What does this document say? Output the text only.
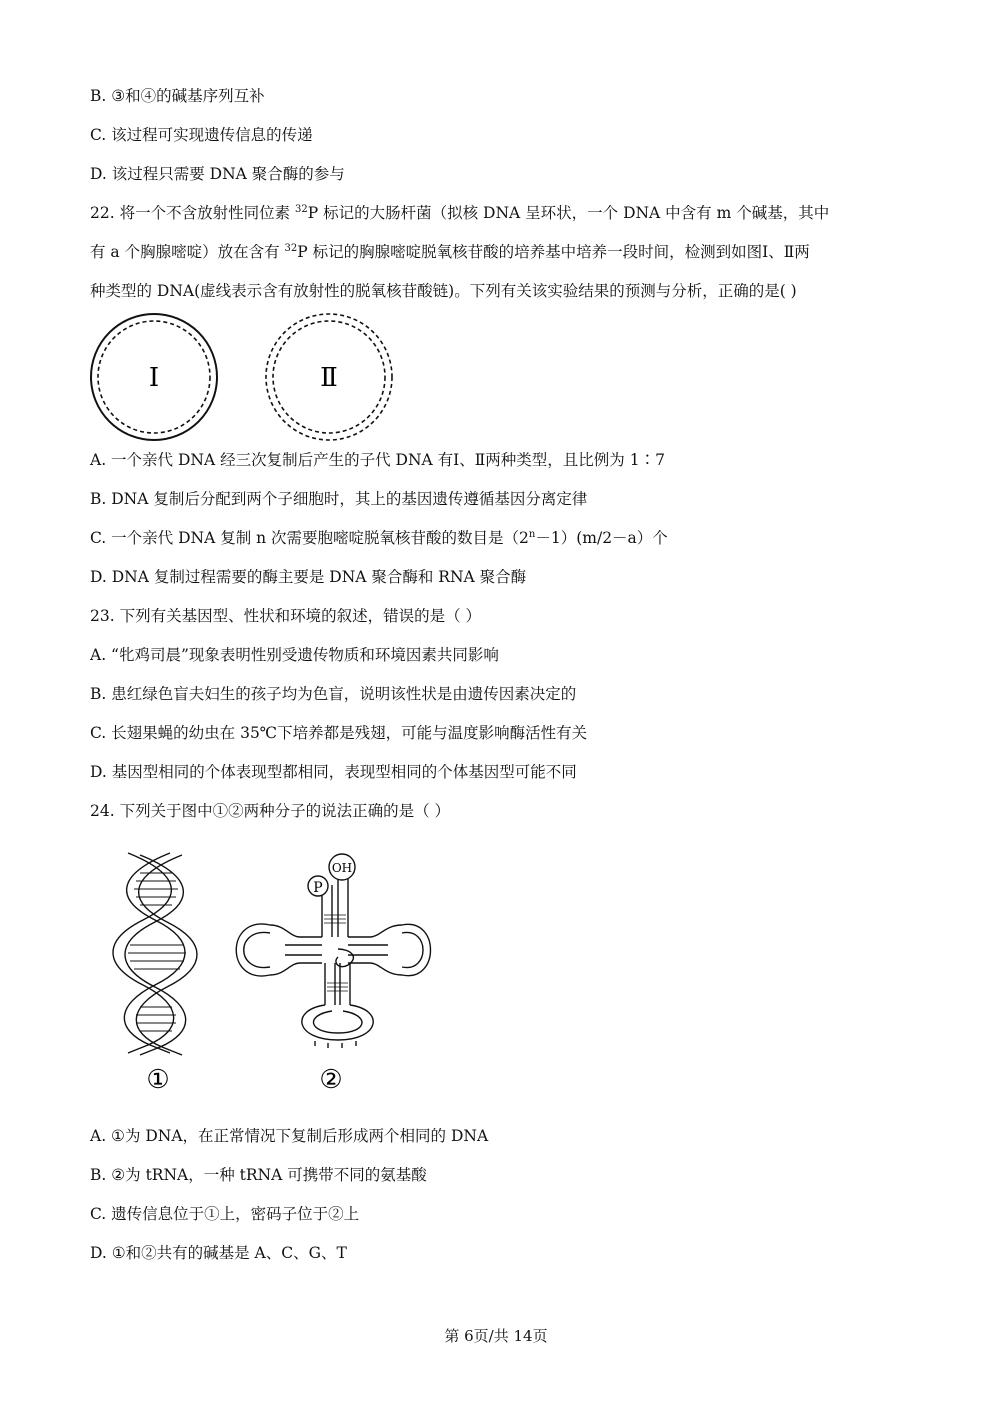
B. ③和④的碱基序列互补
C. 该过程可实现遗传信息的传递
D. 该过程只需要 DNA 聚合酶的参与
22. 将一个不含放射性同位素 $^{32}$P 标记的大肠杆菌（拟核 DNA 呈环状，一个 DNA 中含有 m 个碱基，其中
有 a 个胸腺嘧啶）放在含有 $^{32}$P 标记的胸腺嘧啶脱氧核苷酸的培养基中培养一段时间，检测到如图Ⅰ、Ⅱ两
种类型的 DNA(虚线表示含有放射性的脱氧核苷酸链)。下列有关该实验结果的预测与分析，正确的是( )
Ⅰ	Ⅱ
A. 一个亲代 DNA 经三次复制后产生的子代 DNA 有Ⅰ、Ⅱ两种类型，且比例为 1∶7
B. DNA 复制后分配到两个子细胞时，其上的基因遗传遵循基因分离定律
C. 一个亲代 DNA 复制 n 次需要胞嘧啶脱氧核苷酸的数目是$(2^n-1)(m/2-a)$个
D. DNA 复制过程需要的酶主要是 DNA 聚合酶和 RNA 聚合酶
23. 下列有关基因型、性状和环境的叙述，错误的是（ ）
A. “牝鸡司晨”现象表明性别受遗传物质和环境因素共同影响
B. 患红绿色盲夫妇生的孩子均为色盲，说明该性状是由遗传因素决定的
C. 长翅果蝇的幼虫在 35℃下培养都是残翅，可能与温度影响酶活性有关
D. 基因型相同的个体表现型都相同，表现型相同的个体基因型可能不同
24. 下列关于图中①②两种分子的说法正确的是（ ）
①
P
OH
②
A. ①为 DNA，在正常情况下复制后形成两个相同的 DNA
B. ②为 tRNA，一种 tRNA 可携带不同的氨基酸
C. 遗传信息位于①上，密码子位于②上
D. ①和②共有的碱基是 A、C、G、T
第 6页/共 14页
